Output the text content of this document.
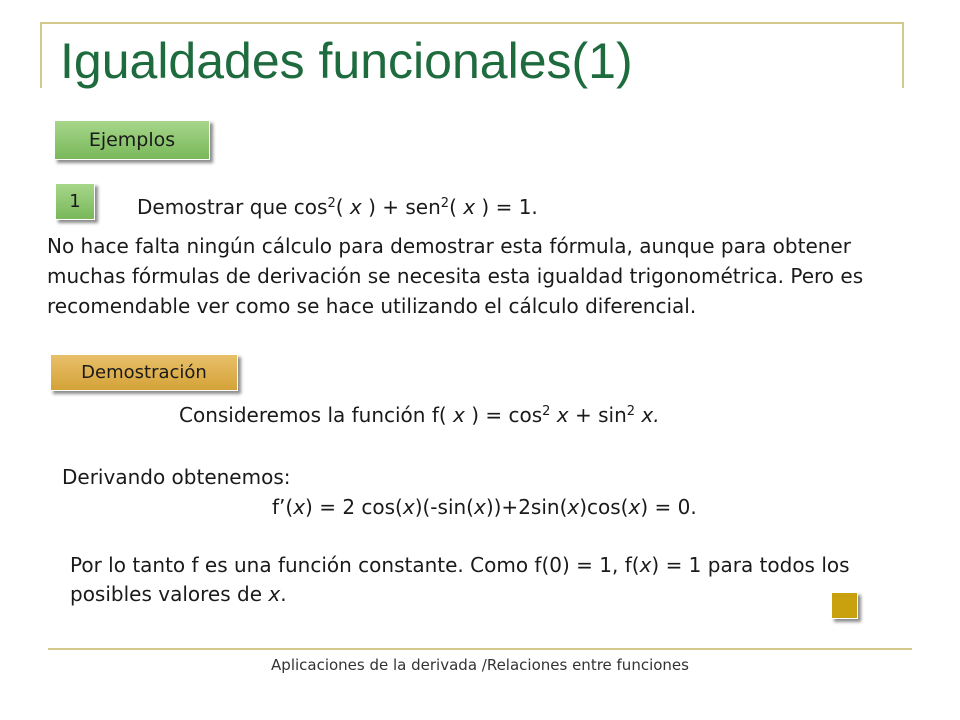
Igualdades funcionales(1)
Ejemplos
1	Demostrar que $\cos^2$( x ) + sen$^2$( x ) = 1.

No hace falta ningún cálculo para demostrar esta fórmula, aunque para obtener muchas fórmulas de derivación se necesita esta igualdad trigonométrica. Pero es recomendable ver como se hace utilizando el cálculo diferencial.

Demostración

Consideremos la función f( x ) = $\cos^2 x + \sin^2 x$.

Derivando obtenemos:

f’(x) = 2 cos(x)(-sin(x))+2sin(x)cos(x) = 0.

Por lo tanto f es una función constante. Como f(0) = 1, f(x) = 1 para todos los posibles valores de x.

Aplicaciones de la derivada /Relaciones entre funciones
